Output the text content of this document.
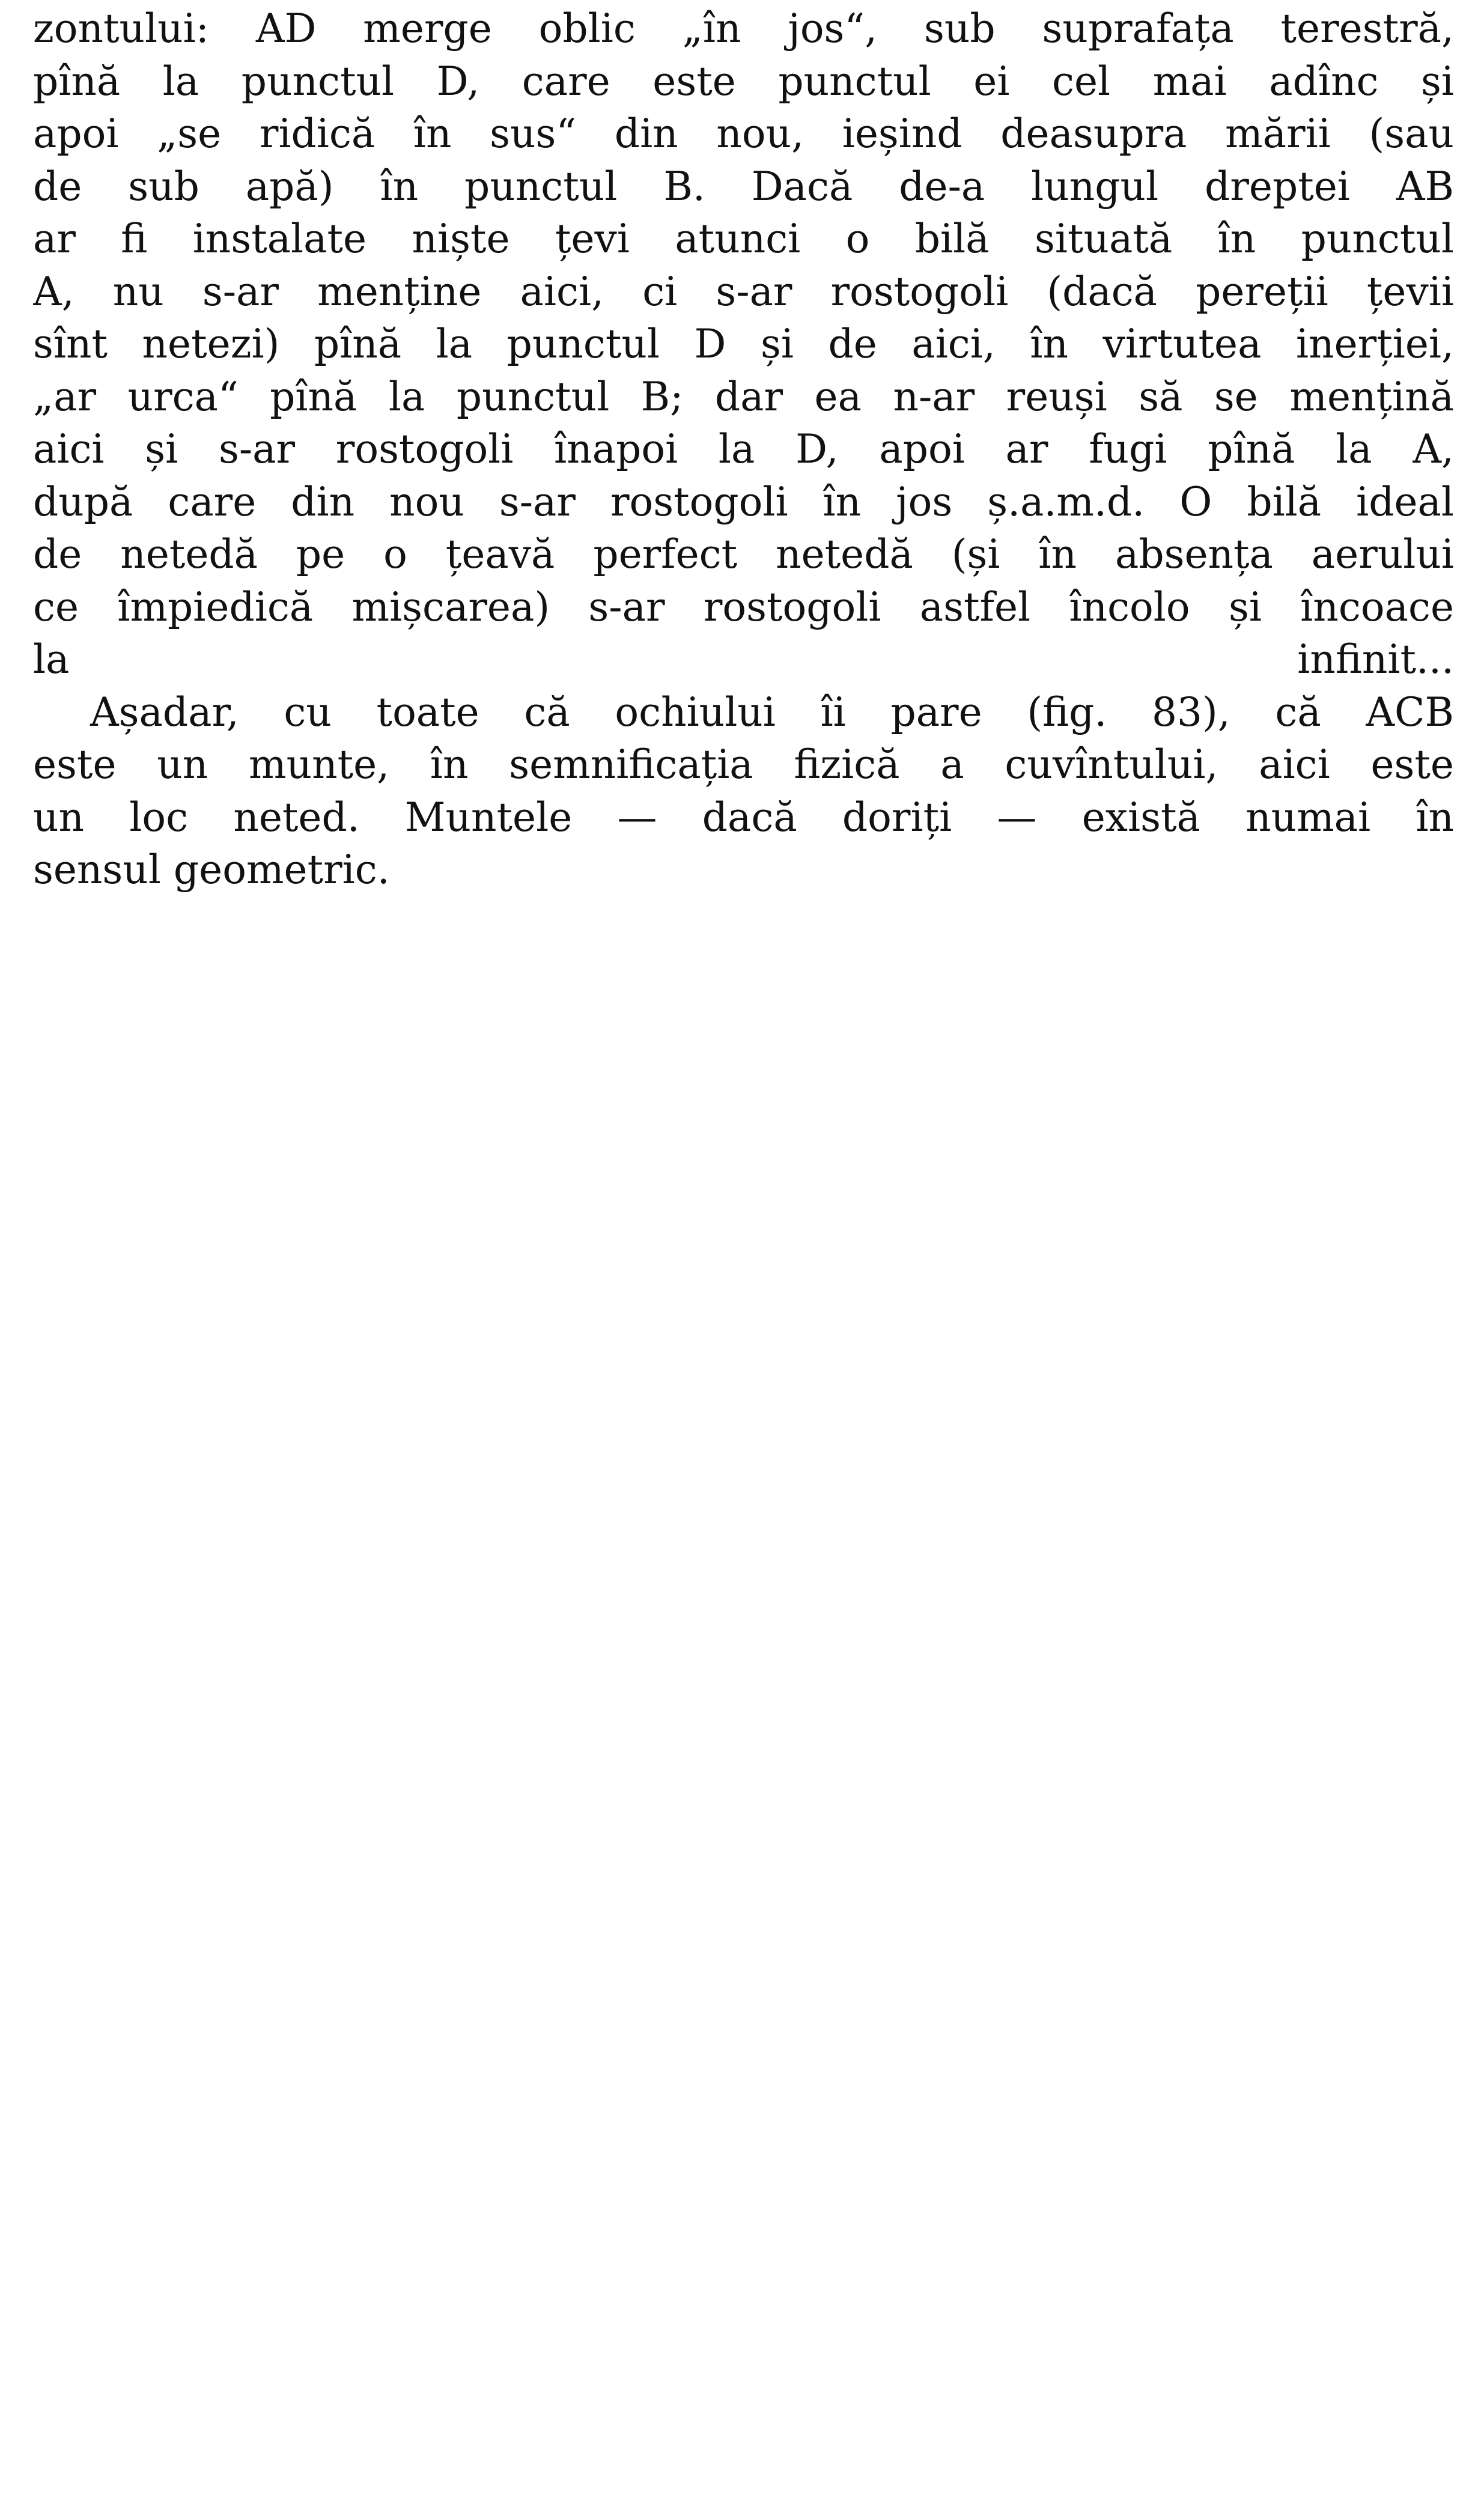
zontului: AD merge oblic „în jos“, sub suprafața terestră,
pînă la punctul D, care este punctul ei cel mai adînc și
apoi „se ridică în sus“ din nou, ieșind deasupra mării (sau
de sub apă) în punctul B. Dacă de-a lungul dreptei AB
ar fi instalate niște țevi atunci o bilă situată în punctul
A, nu s-ar menține aici, ci s-ar rostogoli (dacă pereții țevii
sînt netezi) pînă la punctul D și de aici, în virtutea inerției,
„ar urca“ pînă la punctul B; dar ea n-ar reuși să se mențină
aici și s-ar rostogoli înapoi la D, apoi ar fugi pînă la A,
după care din nou s-ar rostogoli în jos ș.a.m.d. O bilă ideal
de netedă pe o țeavă perfect netedă (și în absența aerului
ce împiedică mișcarea) s-ar rostogoli astfel încolo și încoace
la infinit...
Așadar, cu toate că ochiului îi pare (fig. 83), că ACB
este un munte, în semnificația fizică a cuvîntului, aici este
un loc neted. Muntele — dacă doriți — există numai în
sensul geometric.
